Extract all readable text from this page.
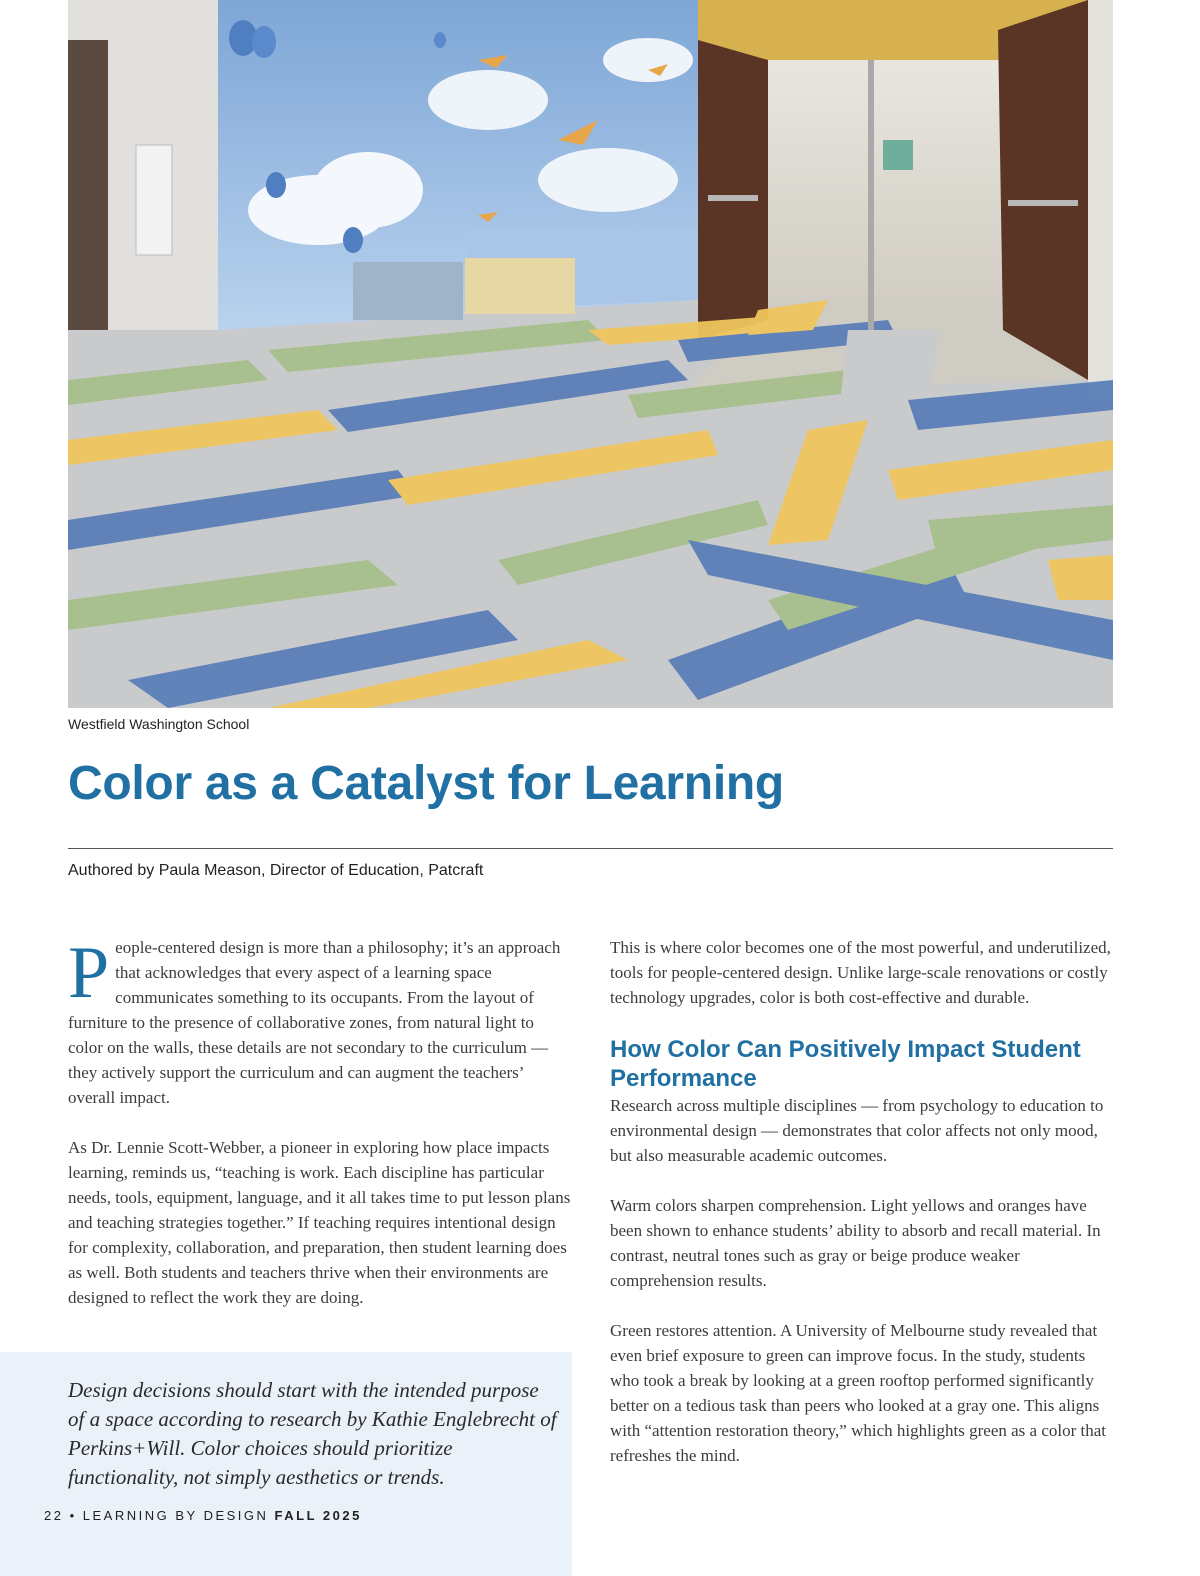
Westfield Washington School
Color as a Catalyst for Learning
Authored by Paula Meason, Director of Education, Patcraft

People-centered design is more than a philosophy; it’s an approach that acknowledges that every aspect of a learning space communicates something to its occupants. From the layout of furniture to the presence of collaborative zones, from natural light to color on the walls, these details are not secondary to the curriculum — they actively support the curriculum and can augment the teachers’ overall impact.

As Dr. Lennie Scott-Webber, a pioneer in exploring how place impacts learning, reminds us, “teaching is work. Each discipline has particular needs, tools, equipment, language, and it all takes time to put lesson plans and teaching strategies together.” If teaching requires intentional design for complexity, collaboration, and preparation, then student learning does as well. Both students and teachers thrive when their environments are designed to reflect the work they are doing.

Design decisions should start with the intended purpose of a space according to research by Kathie Englebrecht of Perkins+Will. Color choices should prioritize functionality, not simply aesthetics or trends.

This is where color becomes one of the most powerful, and underutilized, tools for people-centered design. Unlike large-scale renovations or costly technology upgrades, color is both cost-effective and durable.

How Color Can Positively Impact Student Performance

Research across multiple disciplines — from psychology to education to environmental design — demonstrates that color affects not only mood, but also measurable academic outcomes.

Warm colors sharpen comprehension. Light yellows and oranges have been shown to enhance students’ ability to absorb and recall material. In contrast, neutral tones such as gray or beige produce weaker comprehension results.

Green restores attention. A University of Melbourne study revealed that even brief exposure to green can improve focus. In the study, students who took a break by looking at a green rooftop performed significantly better on a tedious task than peers who looked at a gray one. This aligns with “attention restoration theory,” which highlights green as a color that refreshes the mind.

22 • LEARNING BY DESIGN FALL 2025
